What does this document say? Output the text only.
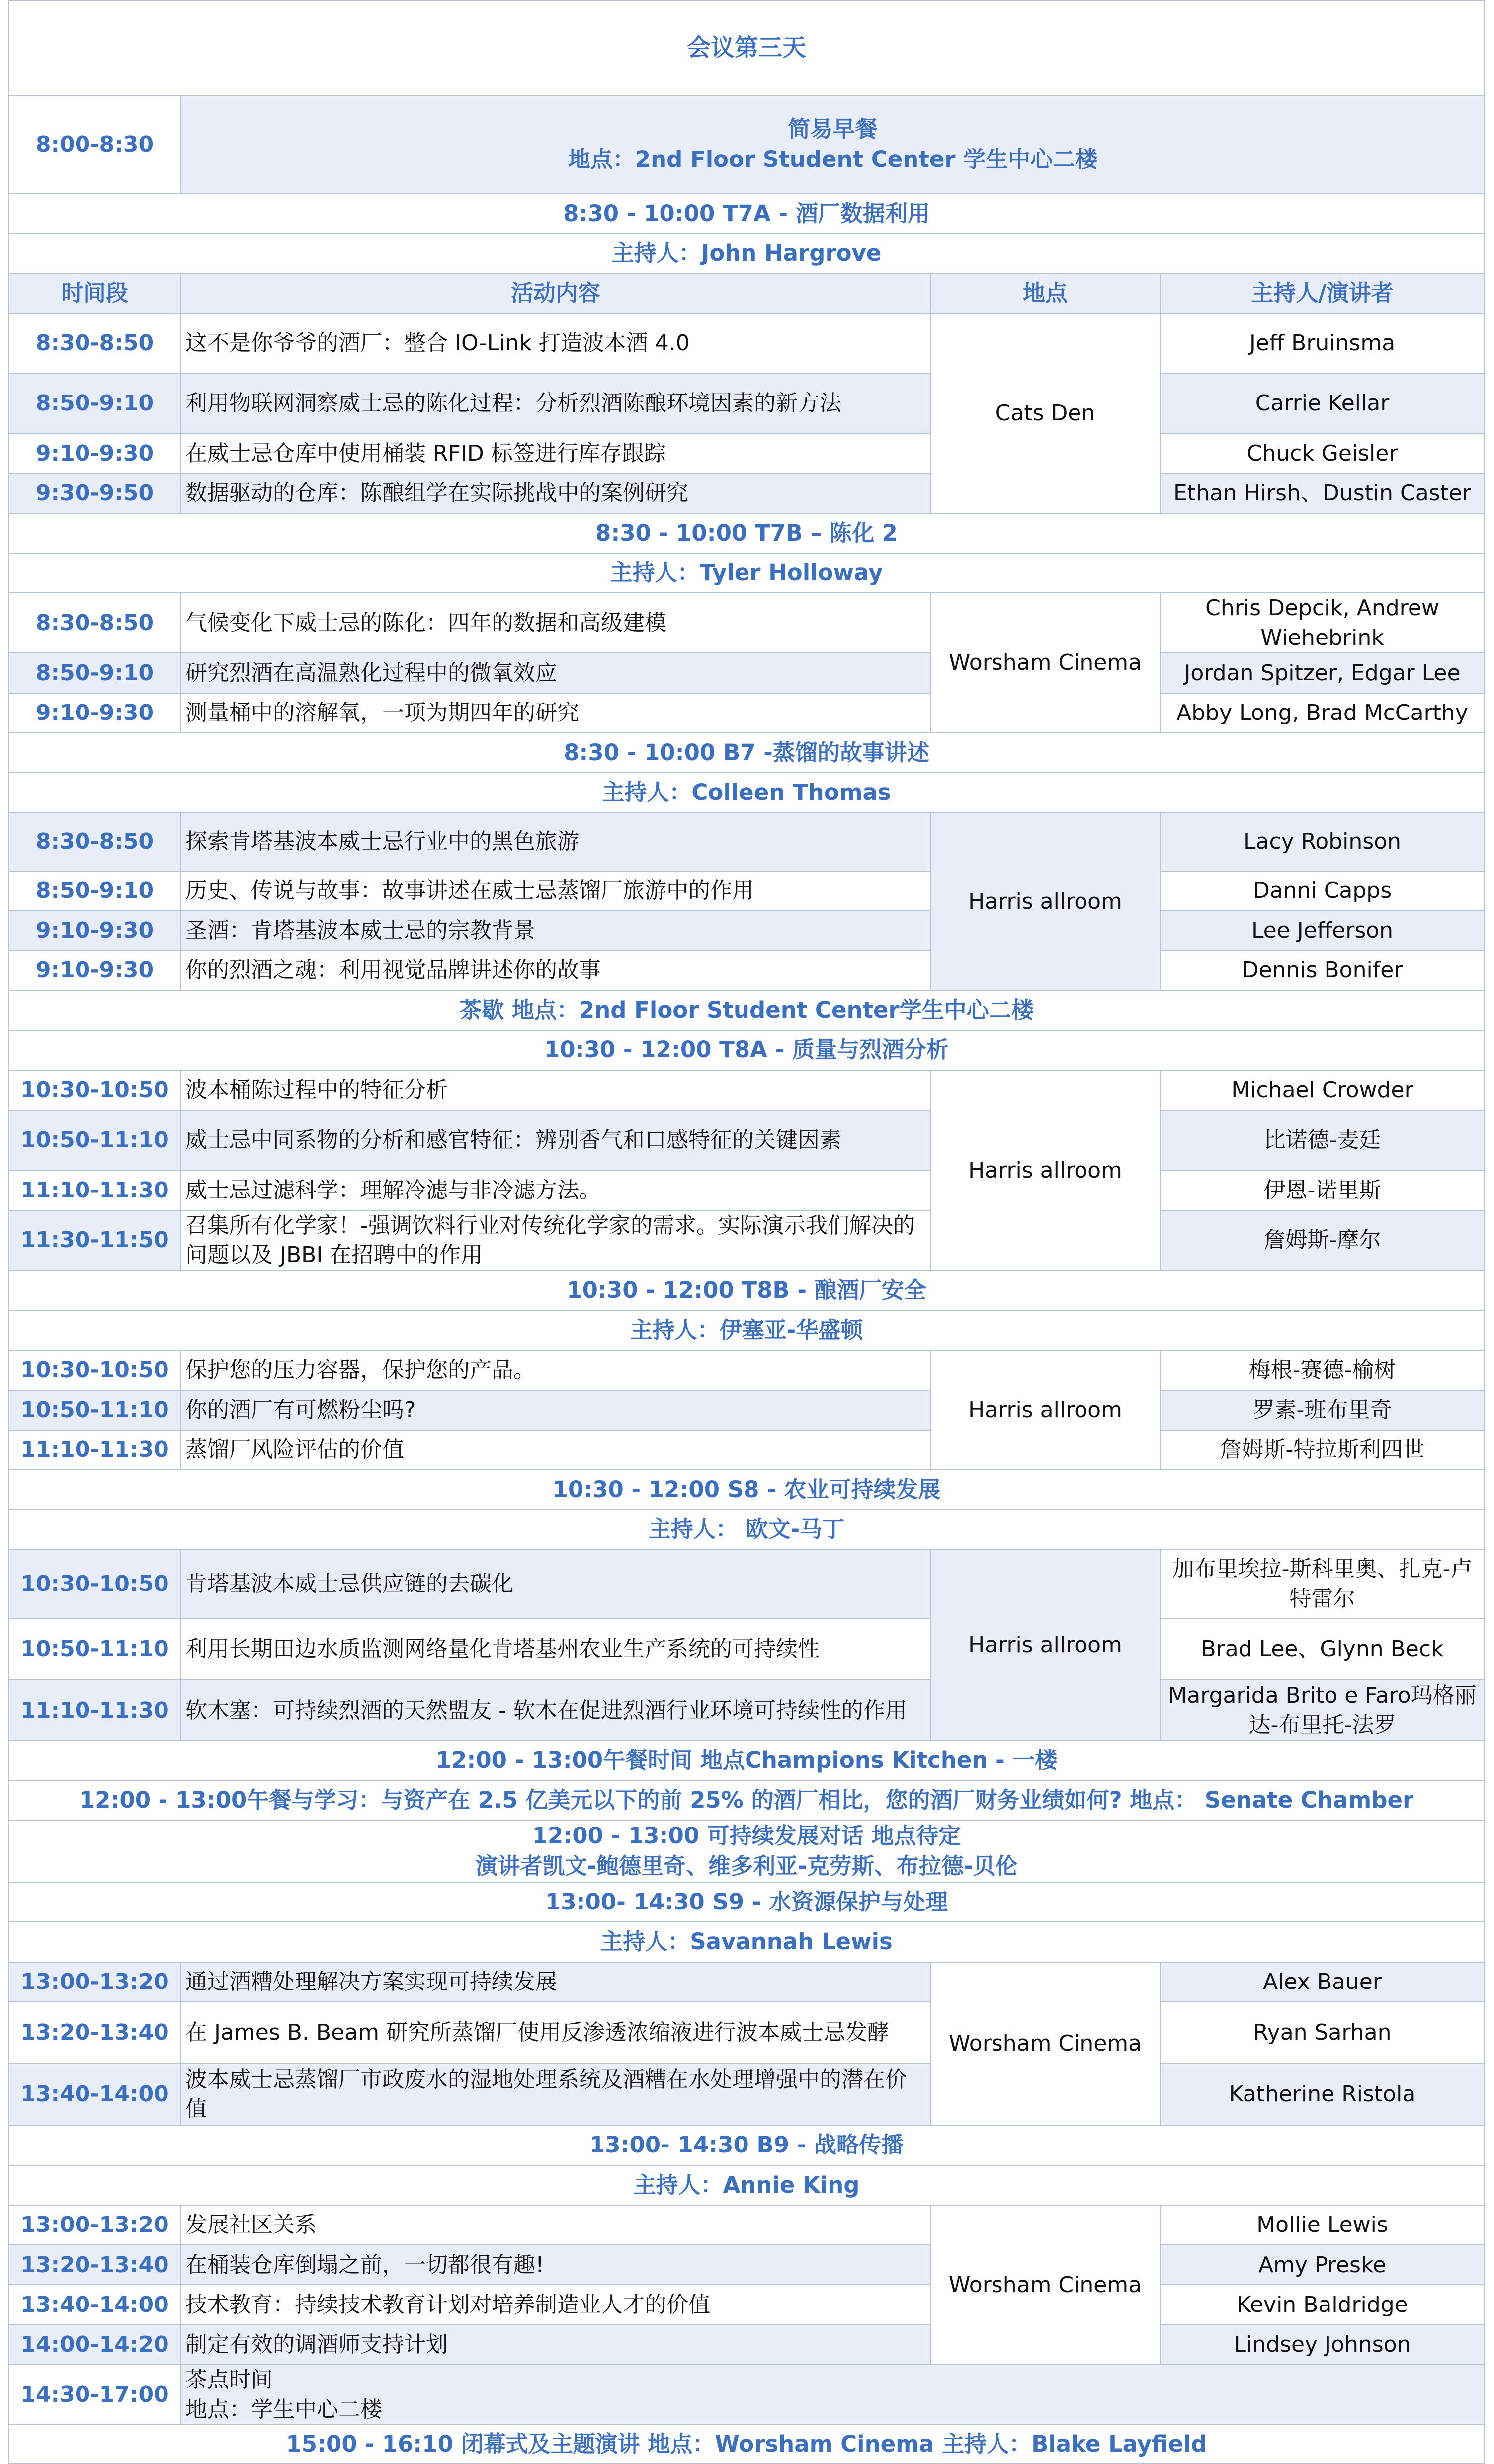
会议第三天			
8:00-8:30	简易早餐
地点：2nd Floor Student Center 学生中心二楼		

8:30 - 10:00 T7A - 酒厂数据利用			
主持人：John Hargrove			
时间段	活动内容	地点	主持人/演讲者
8:30-8:50	这不是你爷爷的酒厂：整合 IO-Link 打造波本酒 4.0	Cats Den	Jeff Bruinsma
8:50-9:10	利用物联网洞察威士忌的陈化过程：分析烈酒陈酿环境因素的新方法		Carrie Kellar
9:10-9:30	在威士忌仓库中使用桶装 RFID 标签进行库存跟踪		Chuck Geisler
9:30-9:50	数据驱动的仓库：陈酿组学在实际挑战中的案例研究		Ethan Hirsh、Dustin Caster
8:30 - 10:00 T7B – 陈化 2			
主持人：Tyler Holloway			
8:30-8:50	气候变化下威士忌的陈化：四年的数据和高级建模	Worsham Cinema	Chris Depcik, Andrew Wiehebrink
8:50-9:10	研究烈酒在高温熟化过程中的微氧效应		Jordan Spitzer, Edgar Lee
9:10-9:30	测量桶中的溶解氧，一项为期四年的研究		Abby Long, Brad McCarthy
8:30 - 10:00 B7 -蒸馏的故事讲述			
主持人：Colleen Thomas			
8:30-8:50	探索肯塔基波本威士忌行业中的黑色旅游	Harris allroom	Lacy Robinson
8:50-9:10	历史、传说与故事：故事讲述在威士忌蒸馏厂旅游中的作用		Danni Capps
9:10-9:30	圣酒：肯塔基波本威士忌的宗教背景		Lee Jefferson
9:10-9:30	你的烈酒之魂：利用视觉品牌讲述你的故事		Dennis Bonifer
茶歇 地点：2nd Floor Student Center学生中心二楼			
10:30 - 12:00 T8A - 质量与烈酒分析			
10:30-10:50	波本桶陈过程中的特征分析	Harris allroom	Michael Crowder
10:50-11:10	威士忌中同系物的分析和感官特征：辨别香气和口感特征的关键因素		比诺德-麦廷
11:10-11:30	威士忌过滤科学：理解冷滤与非冷滤方法。		伊恩-诺里斯
11:30-11:50	召集所有化学家！-强调饮料行业对传统化学家的需求。实际演示我们解决的问题以及 JBBI 在招聘中的作用		詹姆斯-摩尔
10:30 - 12:00 T8B - 酿酒厂安全			
主持人：伊塞亚-华盛顿			
10:30-10:50	保护您的压力容器，保护您的产品。	Harris allroom	梅根-赛德-榆树
10:50-11:10	你的酒厂有可燃粉尘吗?		罗素-班布里奇
11:10-11:30	蒸馏厂风险评估的价值		詹姆斯-特拉斯利四世
10:30 - 12:00 S8 - 农业可持续发展			
主持人： 欧文-马丁			
10:30-10:50	肯塔基波本威士忌供应链的去碳化	Harris allroom	加布里埃拉-斯科里奥、扎克-卢特雷尔
10:50-11:10	利用长期田边水质监测网络量化肯塔基州农业生产系统的可持续性		Brad Lee、Glynn Beck
11:10-11:30	软木塞：可持续烈酒的天然盟友 - 软木在促进烈酒行业环境可持续性的作用		Margarida Brito e Faro玛格丽达-布里托-法罗
12:00 - 13:00午餐时间 地点Champions Kitchen - 一楼			
12:00 - 13:00午餐与学习：与资产在 2.5 亿美元以下的前 25% 的酒厂相比，您的酒厂财务业绩如何? 地点： Senate Chamber			

12:00 - 13:00 可持续发展对话 地点待定
演讲者凯文-鲍德里奇、维多利亚-克劳斯、布拉德-贝伦			

13:00- 14:30 S9 - 水资源保护与处理			
主持人：Savannah Lewis			
13:00-13:20	通过酒糟处理解决方案实现可持续发展	Worsham Cinema	Alex Bauer
13:20-13:40	在 James B. Beam 研究所蒸馏厂使用反渗透浓缩液进行波本威士忌发酵		Ryan Sarhan
13:40-14:00	波本威士忌蒸馏厂市政废水的湿地处理系统及酒糟在水处理增强中的潜在价值		Katherine Ristola
13:00- 14:30 B9 - 战略传播			
主持人：Annie King			
13:00-13:20	发展社区关系	Worsham Cinema	Mollie Lewis
13:20-13:40	在桶装仓库倒塌之前，一切都很有趣!		Amy Preske
13:40-14:00	技术教育：持续技术教育计划对培养制造业人才的价值		Kevin Baldridge
14:00-14:20	制定有效的调酒师支持计划		Lindsey Johnson
14:30-17:00	茶点时间
地点：学生中心二楼		

15:00 - 16:10 闭幕式及主题演讲 地点：Worsham Cinema 主持人：Blake Layfield			
